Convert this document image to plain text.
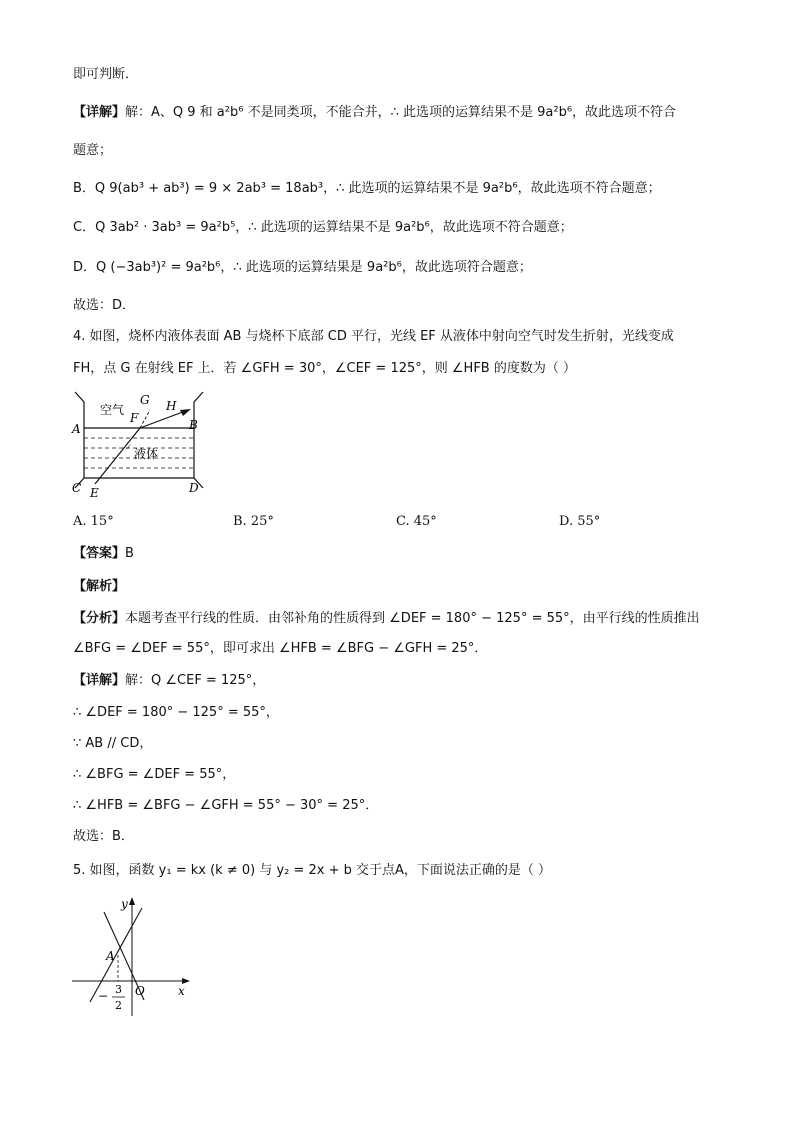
即可判断．
【详解】解：A、Q 9 和 a²b⁶ 不是同类项，不能合并，∴ 此选项的运算结果不是 9a²b⁶，故此选项不符合
题意；
B．Q 9(ab³ + ab³) = 9 × 2ab³ = 18ab³，∴ 此选项的运算结果不是 9a²b⁶，故此选项不符合题意；
C．Q 3ab² · 3ab³ = 9a²b⁵，∴ 此选项的运算结果不是 9a²b⁶，故此选项不符合题意；
D．Q (−3ab³)² = 9a²b⁶，∴ 此选项的运算结果是 9a²b⁶，故此选项符合题意；
故选：D．
4. 如图，烧杯内液体表面 AB 与烧杯下底部 CD 平行，光线 EF 从液体中射向空气时发生折射，光线变成
FH，点 G 在射线 EF 上．若 ∠GFH = 30°，∠CEF = 125°，则 ∠HFB 的度数为（ ）
空气
液体
A	B
C	D
E
F
G H
A. 15°	B. 25°	C. 45°	D. 55°
【答案】B
【解析】
【分析】本题考查平行线的性质．由邻补角的性质得到 ∠DEF = 180° − 125° = 55°，由平行线的性质推出
∠BFG = ∠DEF = 55°，即可求出 ∠HFB = ∠BFG − ∠GFH = 25°．
【详解】解：Q ∠CEF = 125°，
∴ ∠DEF = 180° − 125° = 55°，
∵ AB // CD，
∴ ∠BFG = ∠DEF = 55°，
∴ ∠HFB = ∠BFG − ∠GFH = 55° − 30° = 25°．
故选：B．
5. 如图，函数 y₁ = kx (k ≠ 0) 与 y₂ = 2x + b 交于点A，下面说法正确的是（ ）
y
x
O
A
− 3
2
